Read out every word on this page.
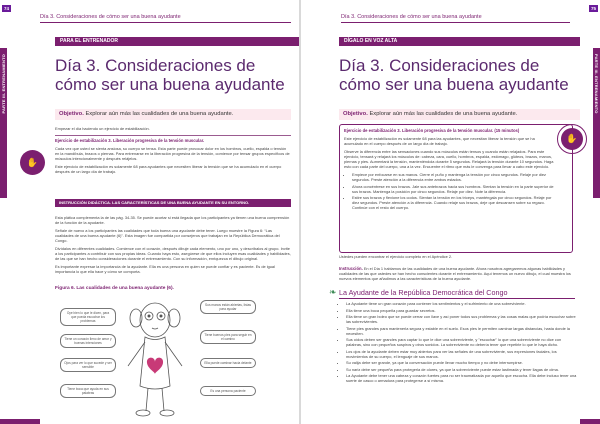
74
Día 3. Consideraciones de cómo ser una buena ayudante
PARA EL ENTRENADOR
PARTE III. ENTRENAMIENTO	Día 3. Consideraciones de cómo ser una buena ayudante
Objetivo. Explorar aún más las cualidades de una buena ayudante.

Empezar el día haciendo un ejercicio de estabilización.

✋

Ejercicio de estabilización 3. Liberación progresiva de la tensión muscular.

Cada vez que usted se sienta ansiosa, su cuerpo se tensa. Esta parte puede provocar dolor en los hombros, cuello, espalda o tensión en la mandíbula, brazos o piernas. Para entrenarse en la liberación progresiva de la tensión, comience por tensar grupos específicos de músculos intencionalmente y después relájelos.

Este ejercicio de estabilización es solamente 68 para ayudantes que necesiten liberar la tensión que se ha acumulado en el cuerpo después de un largo día de trabajo.

INSTRUCCIÓN DIDÁCTICA. LAS CARACTERÍSTICAS DE UNA BUENA AYUDANTE EN SU ENTORNO.

Esta plática complementa la de las pág. 34-35. Se puede acortar si está ilegada que los participantes ya tienen una buena comprensión de la función de la ayudante.

Señale de nuevo a los participantes las cualidades que toda buena una ayudante debe tener. Luego muestre la Figura 6: “Las cualidades de una buena ayudante (6)”. Esta imagen fue compartida por consejeros que trabajan en la República Democrática del Congo.

Divídalos en diferentes cualidades. Comience con el corazón, después dibuje cada elemento, uno por uno, y descríbalos al grupo. Invite a los participantes a contribuir con sus propias ideas. Cuando haya esto, asegúrese de que ellos incluyen esas cualidades y habilidades, de las que se han hecho consideraciones durante el entrenamiento. Con su información, enriquezca el dibujo original.

Es importante expresar la importancia de la ayudante. Ella es una persona en quien se puede confiar y es paciente. Es de igual importancia lo que ella hace y cómo se comporta.

Figura 6. Las cualidades de una buena ayudante (6).
Oye bien lo que le dicen, para que pueda escuchar los problemas
Tiene un corazón lleno de amor y buenas intenciones
Ojos para ver lo que sucede y ser sensible
Tiene boca que ayuda en sus palabras
Sus manos están abiertas, listas para ayudar
Tiene buenos pies para seguir en el camino
Ella puede caminar hacia delante
Es una persona paciente
75
Día 3. Consideraciones de cómo ser una buena ayudante
DÍGALO EN VOZ ALTA
PARTE III. ENTRENAMIENTO
Día 3. Consideraciones de cómo ser una buena ayudante
Objetivo. Explorar aún más las cualidades de una buena ayudante.
✋

Ejercicio de estabilización 3. Liberación progresiva de la tensión muscular. (15 minutos)

Este ejercicio de estabilización es solamente 68 para las ayudantes, que necesitan liberar la tensión que se ha acumulado en el cuerpo después de un largo día de trabajo.

Observe la diferencia entre las sensaciones cuando sus músculos están tensos y cuando están relajados. Para este ejercicio, tensará y relajará los músculos de: cabeza, cara, cuello, hombros, espalda, estómago, glúteos, brazos, manos, piernas y pies. Aumentará la tensión, manteniéndola durante 5 segundos. Relajará la tensión durante 10 segundos. Haga esto con cada parte del cuerpo, una a la vez. Encuentre el ritmo que más le convenga para llevar a cabo este ejercicio.

• Empiece por enfocarse en sus manos. Cierre el puño y mantenga la tensión por cinco segundos. Relaje por diez segundos. Preste atención a la diferencia entre ambos estados.
• Ahora concéntrese en sus brazos. Jale sus antebrazos hacia sus hombros. Sientan la tensión en la parte superior de sus brazos. Mantenga la posición por cinco segundos. Relaje por diez. Note la diferencia.
• Estire sus brazos y flexione los codos. Sientan la tensión en los tríceps, manténgala por cinco segundos. Relaje por diez segundos. Preste atención a la diferencia. Cuando relaje sus brazos, deje que descansen sobre su regazo. Continúe con el resto del cuerpo.

Ustedes pueden encontrar el ejercicio completo en el Apéndice 2.

Instrucción. En el Día 1 hablamos de las cualidades de una buena ayudante. Ahora nosotros agregaremos algunas habilidades y cualidades de las que ustedes se han hecho conscientes durante el entrenamiento. Aquí tenemos un nuevo dibujo, el cual muestra los nuevos elementos que añadimos a las características de la buena ayudante.

La Ayudante de la República Democrática del Congo
• La Ayudante tiene un gran corazón para contener los sentimientos y el sufrimiento de una sobreviviente.
• Ella tiene una boca pequeña para guardar secretos.
• Ella tiene un gran boleo que se puede cerrar con llave y así poner todos sus problemas y las cosas malas que podría escuchar sobre las sobrevivientes.
• Tiene pies grandes para mantenerla segura y estable en el suelo. Esos pies le permiten caminar largas distancias, hasta donde la necesiten.
• Sus oídos deben ser grandes para captar lo que le dice una sobreviviente, y "escuchar" lo que una sobreviviente no dice con palabras, sino con pequeños suspiros y otros sonidos. La sobreviviente no debería tener que repetirle lo que le haya dicho.
• Los ojos de la ayudante deben estar muy abiertos para ver las señales de una sobreviviente, sus expresiones faciales, los movimientos de su cuerpo, el lenguaje de sus manos.
• Su valija debe ser grande, ya que la conversación puede llevar mucho tiempo y no debe interrumpirse.
• Su nariz debe ser pequeña para protegerla de olores, ya que la sobreviviente puede estar lastimada y tener llagas de olma.
• La Ayudante debe tener una cabeza y corazón fuertes para no ser traumatizada por aquello que escucha. Ella debe incluso tener una suerte de casco o armadura para protegerse a sí misma.
❧
